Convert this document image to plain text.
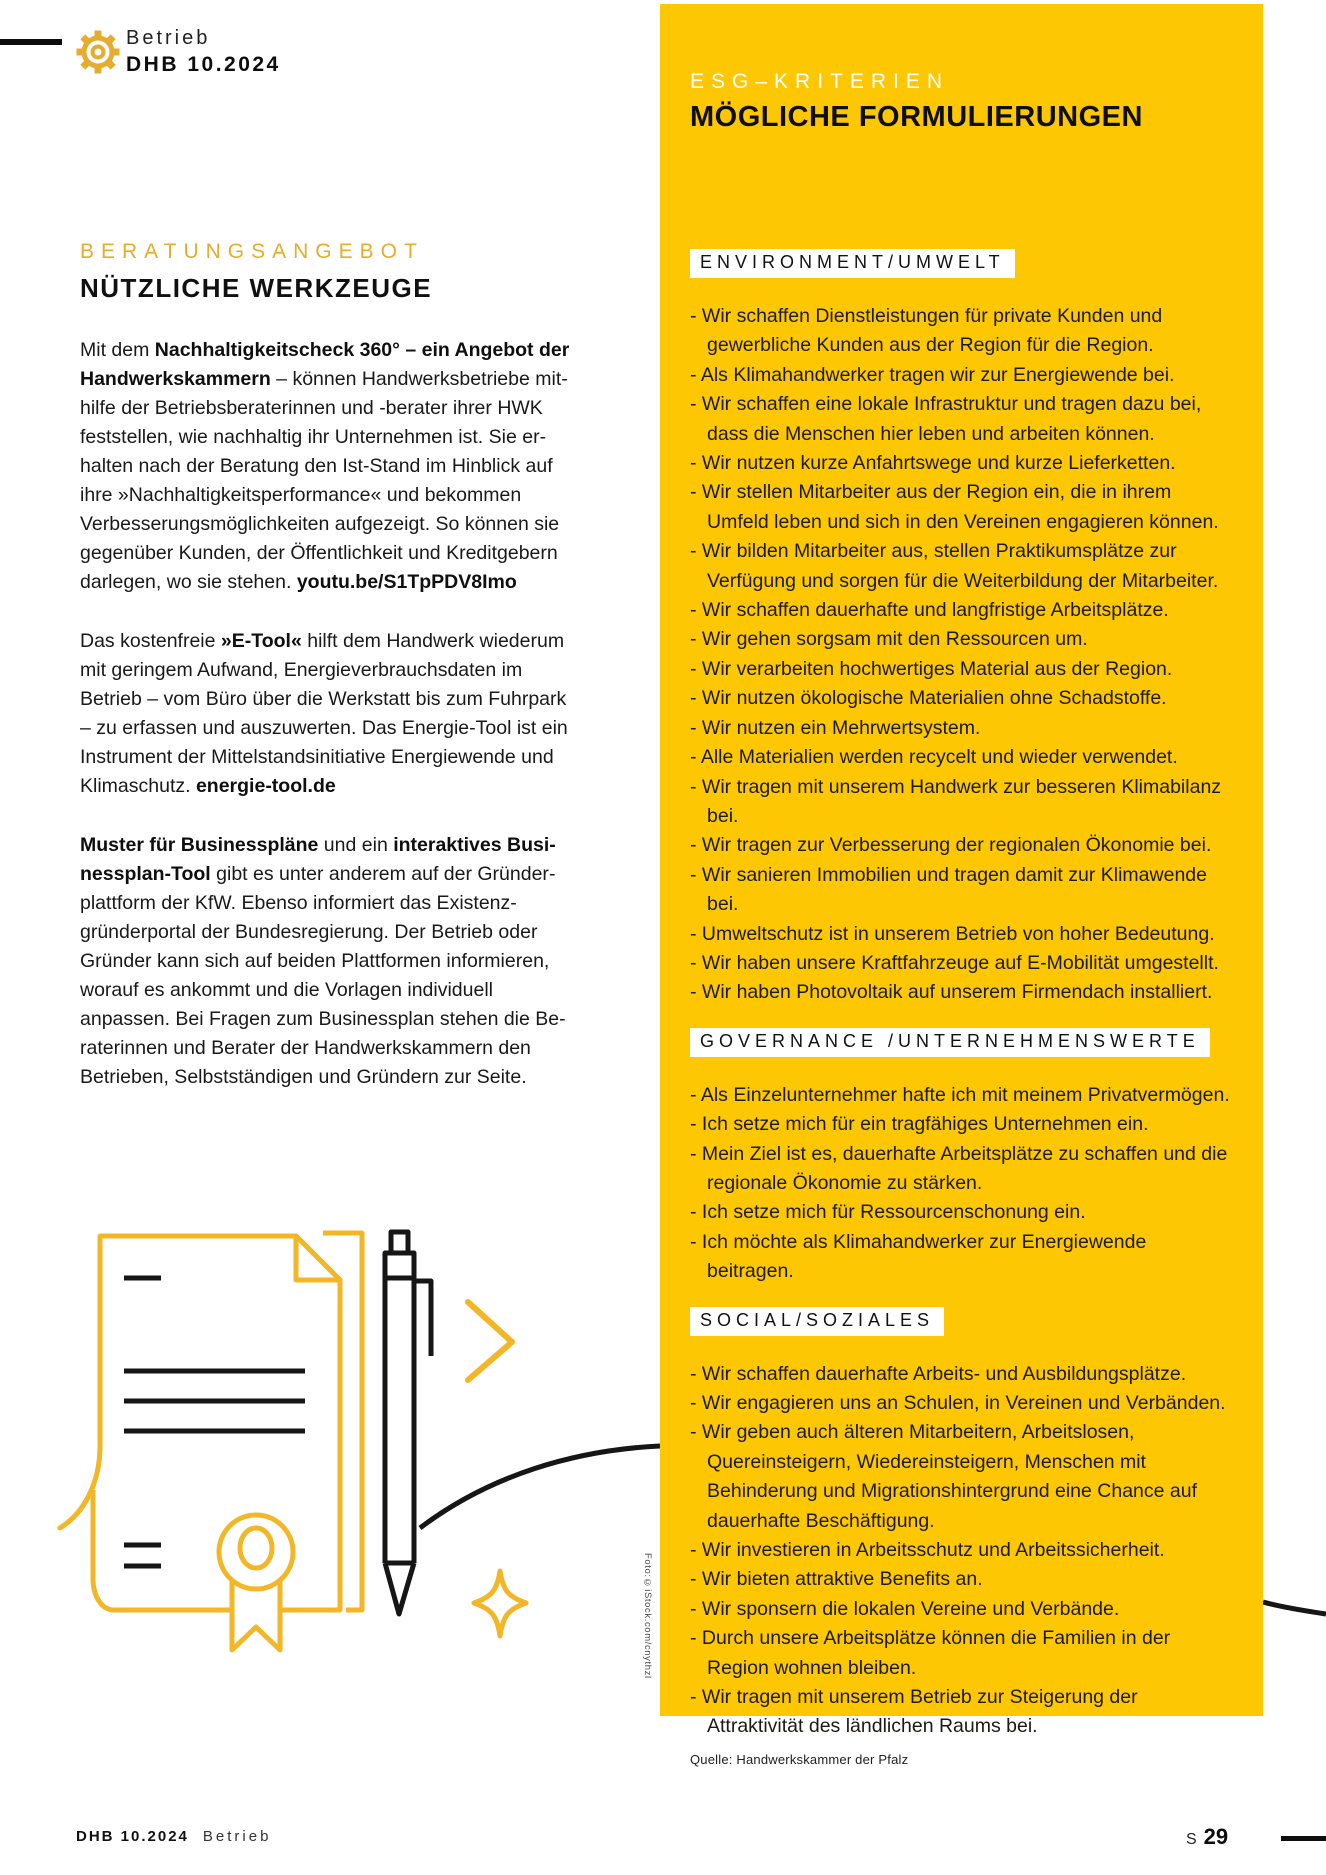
Betrieb
DHB 10.2024
BERATUNGSANGEBOT
NÜTZLICHE WERKZEUGE

Mit dem Nachhaltigkeitscheck 360° – ein Angebot der Handwerkskammern – können Handwerksbetriebe mithilfe der Betriebsberaterinnen und -berater ihrer HWK feststellen, wie nachhaltig ihr Unternehmen ist. Sie erhalten nach der Beratung den Ist-Stand im Hinblick auf ihre »Nachhaltigkeitsperformance« und bekommen Verbesserungsmöglichkeiten aufgezeigt. So können sie gegenüber Kunden, der Öffentlichkeit und Kreditgebern darlegen, wo sie stehen. youtu.be/S1TpPDV8Imo

Das kostenfreie »E-Tool« hilft dem Handwerk wiederum mit geringem Aufwand, Energieverbrauchsdaten im Betrieb – vom Büro über die Werkstatt bis zum Fuhrpark – zu erfassen und auszuwerten. Das Energie-Tool ist ein Instrument der Mittelstandsinitiative Energiewende und Klimaschutz. energie-tool.de

Muster für Businesspläne und ein interaktives Businessplan-Tool gibt es unter anderem auf der Gründerplattform der KfW. Ebenso informiert das Existenzgründerportal der Bundesregierung. Der Betrieb oder Gründer kann sich auf beiden Plattformen informieren, worauf es ankommt und die Vorlagen individuell anpassen. Bei Fragen zum Businessplan stehen die Beraterinnen und Berater der Handwerkskammern den Betrieben, Selbstständigen und Gründern zur Seite.

ESG–KRITERIEN
MÖGLICHE FORMULIERUNGEN
ENVIRONMENT/UMWELT
- Wir schaffen Dienstleistungen für private Kunden und gewerbliche Kunden aus der Region für die Region.
- Als Klimahandwerker tragen wir zur Energiewende bei.
- Wir schaffen eine lokale Infrastruktur und tragen dazu bei, dass die Menschen hier leben und arbeiten können.
- Wir nutzen kurze Anfahrtswege und kurze Lieferketten.
- Wir stellen Mitarbeiter aus der Region ein, die in ihrem Umfeld leben und sich in den Vereinen engagieren können.
- Wir bilden Mitarbeiter aus, stellen Praktikumsplätze zur Verfügung und sorgen für die Weiterbildung der Mitarbeiter.
- Wir schaffen dauerhafte und langfristige Arbeitsplätze.
- Wir gehen sorgsam mit den Ressourcen um.
- Wir verarbeiten hochwertiges Material aus der Region.
- Wir nutzen ökologische Materialien ohne Schadstoffe.
- Wir nutzen ein Mehrwertsystem.
- Alle Materialien werden recycelt und wieder verwendet.
- Wir tragen mit unserem Handwerk zur besseren Klimabilanz bei.
- Wir tragen zur Verbesserung der regionalen Ökonomie bei.
- Wir sanieren Immobilien und tragen damit zur Klimawende bei.
- Umweltschutz ist in unserem Betrieb von hoher Bedeutung.
- Wir haben unsere Kraftfahrzeuge auf E-Mobilität umgestellt.
- Wir haben Photovoltaik auf unserem Firmendach installiert.
GOVERNANCE /UNTERNEHMENSWERTE
- Als Einzelunternehmer hafte ich mit meinem Privatvermögen.
- Ich setze mich für ein tragfähiges Unternehmen ein.
- Mein Ziel ist es, dauerhafte Arbeitsplätze zu schaffen und die regionale Ökonomie zu stärken.
- Ich setze mich für Ressourcenschonung ein.
- Ich möchte als Klimahandwerker zur Energiewende beitragen.
SOCIAL/SOZIALES
- Wir schaffen dauerhafte Arbeits- und Ausbildungsplätze.
- Wir engagieren uns an Schulen, in Vereinen und Verbänden.
- Wir geben auch älteren Mitarbeitern, Arbeitslosen, Quereinsteigern, Wiedereinsteigern, Menschen mit Behinderung und Migrationshintergrund eine Chance auf dauerhafte Beschäftigung.
- Wir investieren in Arbeitsschutz und Arbeitssicherheit.
- Wir bieten attraktive Benefits an.
- Wir sponsern die lokalen Vereine und Verbände.
- Durch unsere Arbeitsplätze können die Familien in der Region wohnen bleiben.
- Wir tragen mit unserem Betrieb zur Steigerung der Attraktivität des ländlichen Raums bei.
Quelle: Handwerkskammer der Pfalz
Foto:©iStock.com/cnythzl
DHB 10.2024 Betrieb	S 29
